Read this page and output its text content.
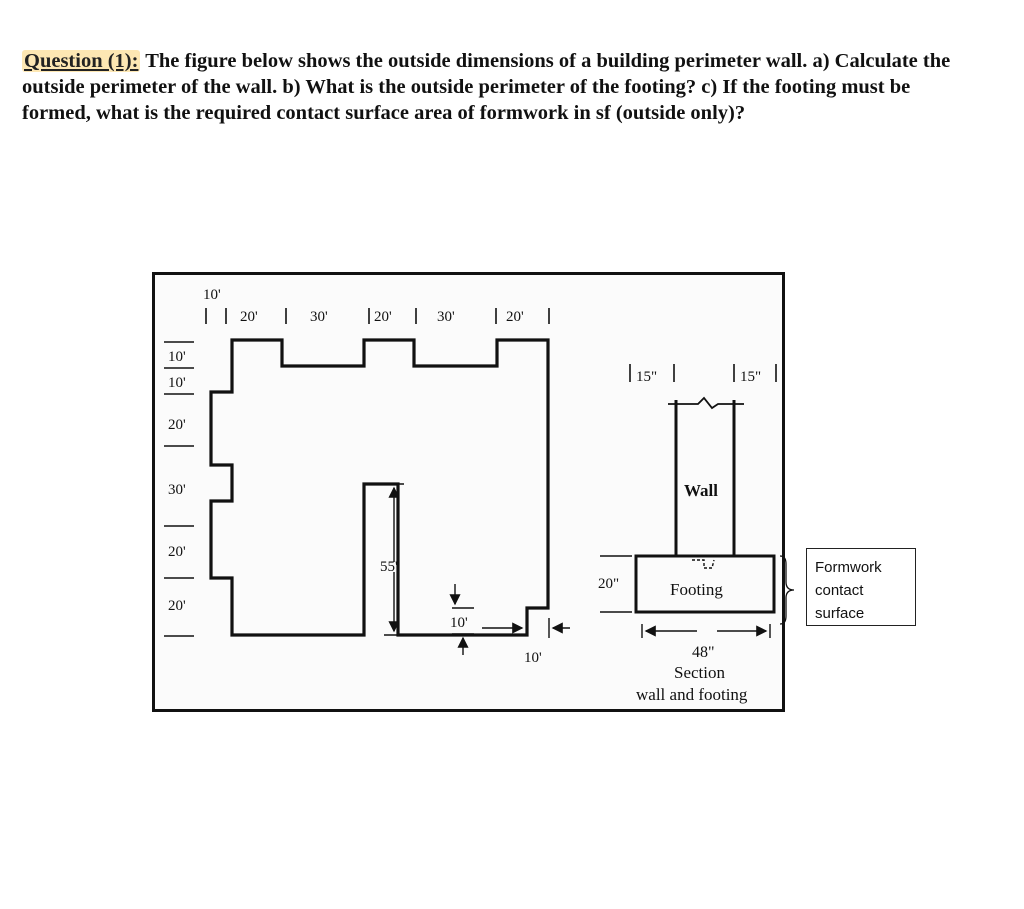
Question (1): The figure below shows the outside dimensions of a building perimeter wall. a) Calculate the outside perimeter of the wall. b) What is the outside perimeter of the footing? c) If the footing must be formed, what is the required contact surface area of formwork in sf (outside only)?
10'
20'	30'	20'	30'	20'
10'
10'
20'
30'
20'
20'
55'
10'
10'
15"	15"
Wall
Footing
20"
48"
Section
wall and footing
Formwork
contact
surface
